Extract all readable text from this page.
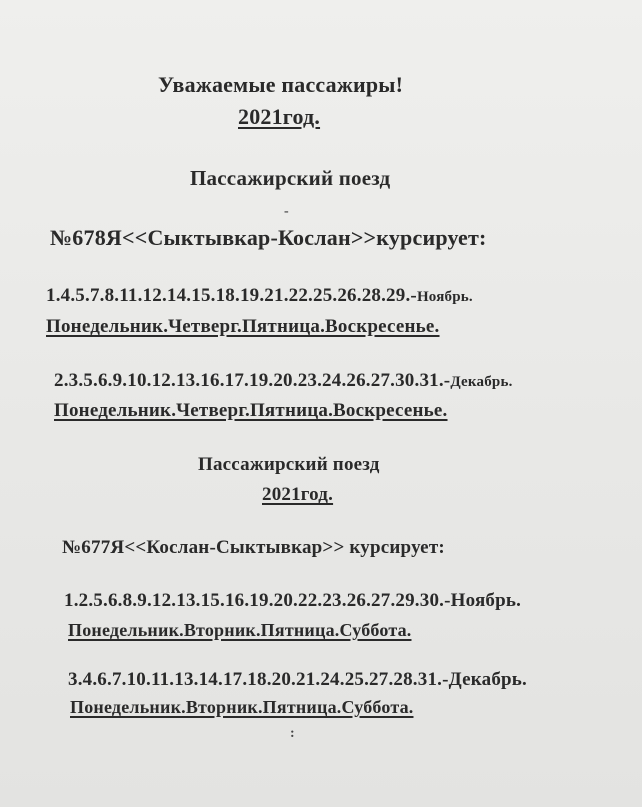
Уважаемые пассажиры!
2021год.
Пассажирский поезд
-
№678Я<<Сыктывкар-Кослан>>курсирует:
1.4.5.7.8.11.12.14.15.18.19.21.22.25.26.28.29.-Ноябрь.
Понедельник.Четверг.Пятница.Воскресенье.
2.3.5.6.9.10.12.13.16.17.19.20.23.24.26.27.30.31.-Декабрь.
Понедельник.Четверг.Пятница.Воскресенье.
Пассажирский поезд
2021год.
№677Я<<Кослан-Сыктывкар>> курсирует:
1.2.5.6.8.9.12.13.15.16.19.20.22.23.26.27.29.30.-Ноябрь.
Понедельник.Вторник.Пятница.Суббота.
3.4.6.7.10.11.13.14.17.18.20.21.24.25.27.28.31.-Декабрь.
Понедельник.Вторник.Пятница.Суббота.
:
